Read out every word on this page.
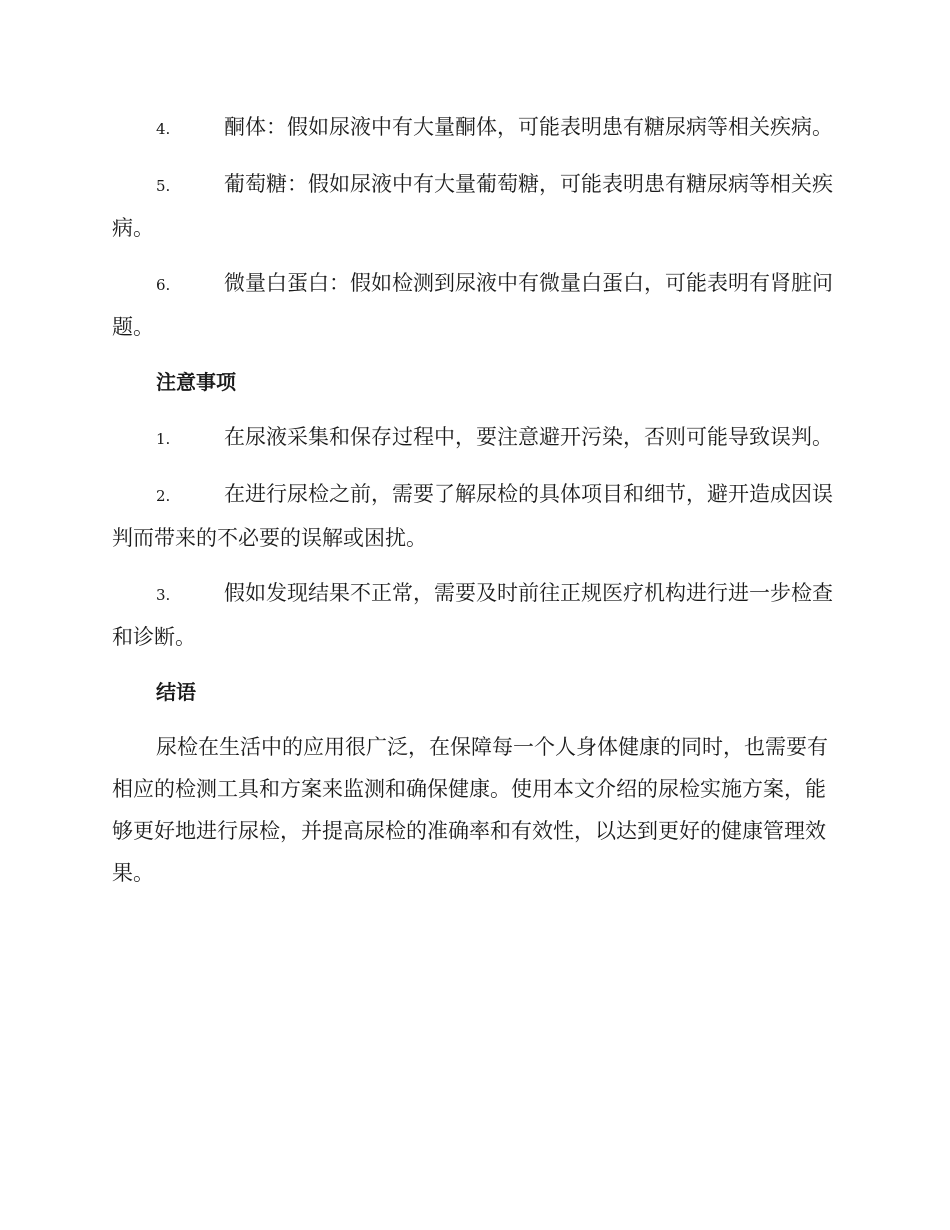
4.	酮体：假如尿液中有大量酮体，可能表明患有糖尿病等相关疾病。

5.	葡萄糖：假如尿液中有大量葡萄糖，可能表明患有糖尿病等相关疾病。

6.	微量白蛋白：假如检测到尿液中有微量白蛋白，可能表明有肾脏问题。

注意事项

1.	在尿液采集和保存过程中，要注意避开污染，否则可能导致误判。

2.	在进行尿检之前，需要了解尿检的具体项目和细节，避开造成因误判而带来的不必要的误解或困扰。

3.	假如发现结果不正常，需要及时前往正规医疗机构进行进一步检查和诊断。

结语

尿检在生活中的应用很广泛，在保障每一个人身体健康的同时，也需要有相应的检测工具和方案来监测和确保健康。使用本文介绍的尿检实施方案，能够更好地进行尿检，并提高尿检的准确率和有效性，以达到更好的健康管理效果。
